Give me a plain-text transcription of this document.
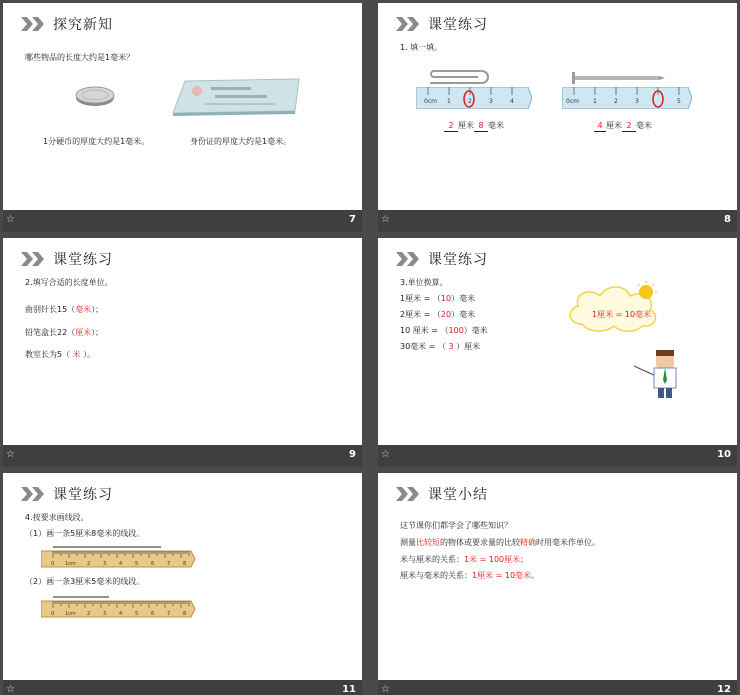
探究新知
哪些物品的长度大约是1毫米？
1分硬币的厚度大约是1毫米。	身份证的厚度大约是1毫米。
☆	7
课堂练习
1. 填一填。
0cm 1	2	3	4	0cm 1	2	3	5
2 厘米 8 毫米	4 厘米 2 毫米
☆	8
课堂练习
2.填写合适的长度单位。
曲别针长15（毫米）；
铅笔盒长22（厘米）；
教室长为5（ 米 ）。
☆	9
课堂练习
3.单位换算。
1厘米 = （10）毫米
2厘米 = （20）毫米
10 厘米 = （100）毫米
30毫米 = （ 3 ）厘米
1厘米 = 10毫米
☆	10
课堂练习
4.按要求画线段。
（1）画一条5厘米8毫米的线段。
0 1cm 2	3	4	5	6	7	8
（2）画一条3厘米5毫米的线段。
0 1cm 2	3	4	5	6	7	8
☆	11
课堂小结
这节课你们都学会了哪些知识？
测量比较短的物体或要求量的比较精确时用毫米作单位。
米与厘米的关系：1米 = 100厘米；
厘米与毫米的关系：1厘米 = 10毫米。
☆	12
